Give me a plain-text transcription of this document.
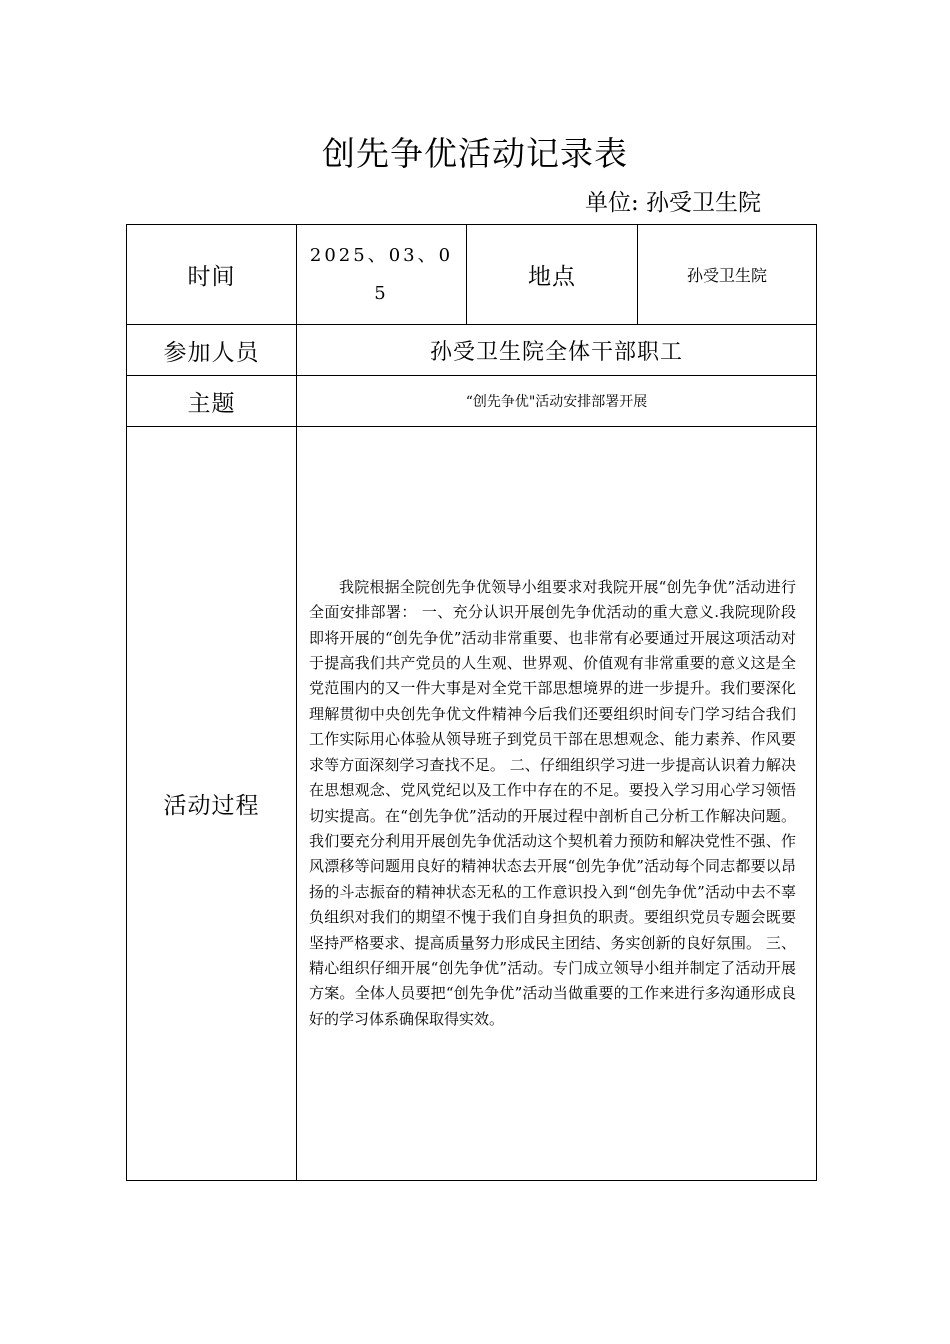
创先争优活动记录表
单位: 孙受卫生院
时间	2025、03、05	地点	孙受卫生院
参加人员	孙受卫生院全体干部职工		
主题	“创先争优"活动安排部署开展		
活动过程	我院根据全院创先争优领导小组要求对我院开展“创先争优”活动进行全面安排部署： 一、充分认识开展创先争优活动的重大意义.我院现阶段即将开展的“创先争优”活动非常重要、也非常有必要通过开展这项活动对于提高我们共产党员的人生观、世界观、价值观有非常重要的意义这是全党范围内的又一件大事是对全党干部思想境界的进一步提升。我们要深化理解贯彻中央创先争优文件精神今后我们还要组织时间专门学习结合我们工作实际用心体验从领导班子到党员干部在思想观念、能力素养、作风要求等方面深刻学习查找不足。 二、仔细组织学习进一步提高认识着力解决在思想观念、党风党纪以及工作中存在的不足。要投入学习用心学习领悟切实提高。在“创先争优”活动的开展过程中剖析自己分析工作解决问题。我们要充分利用开展创先争优活动这个契机着力预防和解决党性不强、作风漂移等问题用良好的精神状态去开展“创先争优”活动每个同志都要以昂扬的斗志振奋的精神状态无私的工作意识投入到“创先争优”活动中去不辜负组织对我们的期望不愧于我们自身担负的职责。要组织党员专题会既要坚持严格要求、提高质量努力形成民主团结、务实创新的良好氛围。 三、精心组织仔细开展“创先争优”活动。专门成立领导小组并制定了活动开展方案。全体人员要把“创先争优”活动当做重要的工作来进行多沟通形成良好的学习体系确保取得实效。		
